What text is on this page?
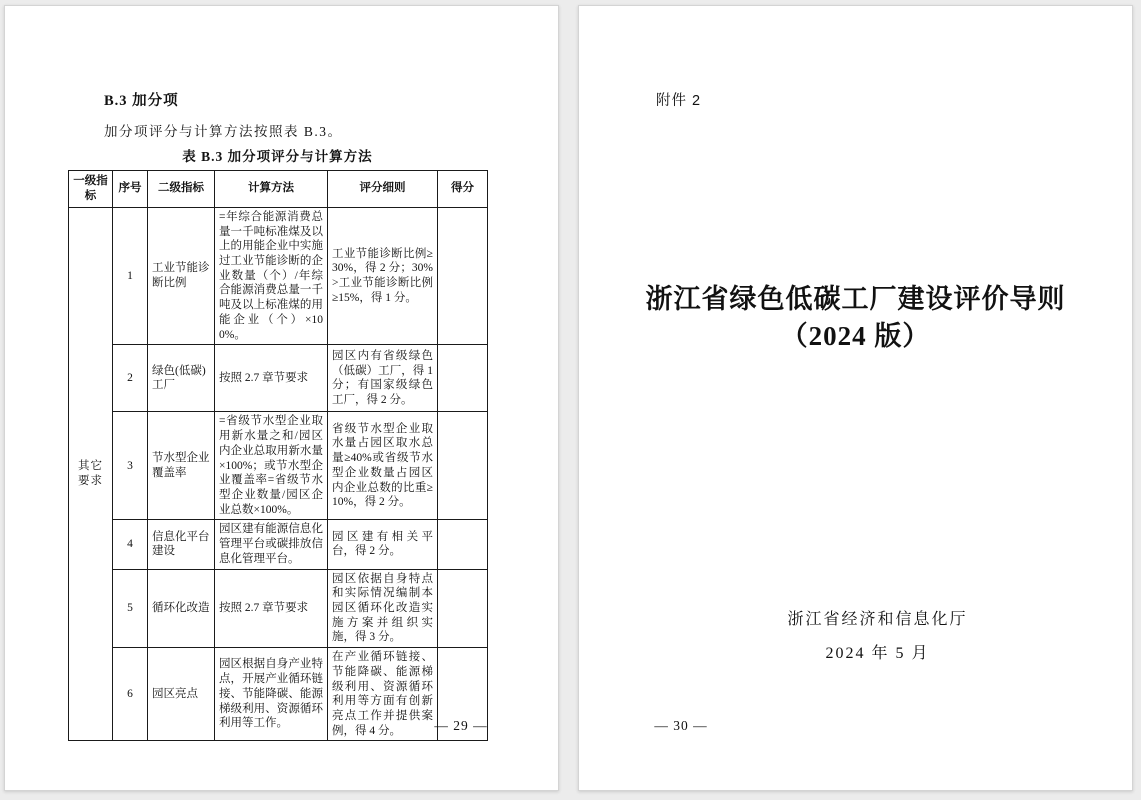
B.3 加分项
加分项评分与计算方法按照表 B.3。
表 B.3 加分项评分与计算方法
一级指标	序号	二级指标	计算方法	评分细则	得分
其它要求	1	工业节能诊断比例	=年综合能源消费总量一千吨标准煤及以上的用能企业中实施过工业节能诊断的企业数量（个）/年综合能源消费总量一千吨及以上标准煤的用能企业（个）×100%。	工业节能诊断比例≥30%，得 2 分；30%>工业节能诊断比例≥15%，得 1 分。	
	2	绿色(低碳)工厂	按照 2.7 章节要求	园区内有省级绿色（低碳）工厂，得 1 分；有国家级绿色工厂，得 2 分。	
	3	节水型企业覆盖率	=省级节水型企业取用新水量之和/园区内企业总取用新水量×100%；或节水型企业覆盖率=省级节水型企业数量/园区企业总数×100%。	省级节水型企业取水量占园区取水总量≥40%或省级节水型企业数量占园区内企业总数的比重≥10%，得 2 分。	
	4	信息化平台建设	园区建有能源信息化管理平台或碳排放信息化管理平台。	园区建有相关平台，得 2 分。	
	5	循环化改造	按照 2.7 章节要求	园区依据自身特点和实际情况编制本园区循环化改造实施方案并组织实施，得 3 分。	
	6	园区亮点	园区根据自身产业特点，开展产业循环链接、节能降碳、能源梯级利用、资源循环利用等工作。	在产业循环链接、节能降碳、能源梯级利用、资源循环利用等方面有创新亮点工作并提供案例，得 4 分。		— 29 —
附件 2
浙江省绿色低碳工厂建设评价导则
（2024 版）
浙江省经济和信息化厅
2024 年 5 月
— 30 —
